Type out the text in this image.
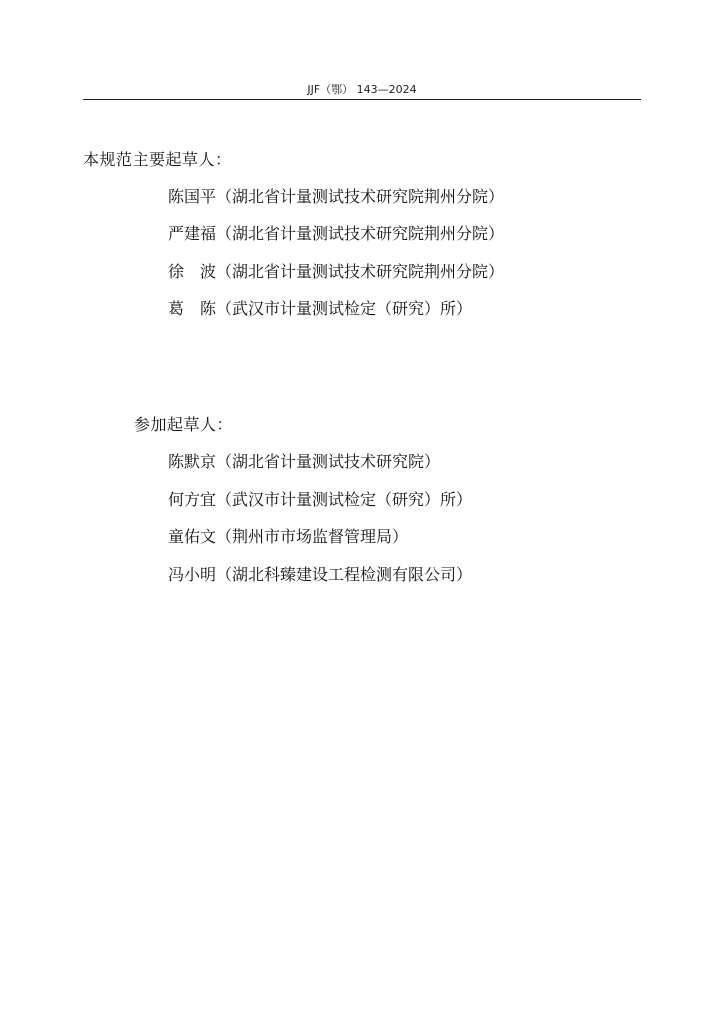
JJF（鄂） 143—2024
本规范主要起草人：
陈国平（湖北省计量测试技术研究院荆州分院）
严建福（湖北省计量测试技术研究院荆州分院）
徐　波（湖北省计量测试技术研究院荆州分院）
葛　陈（武汉市计量测试检定（研究）所）
参加起草人：
陈默京（湖北省计量测试技术研究院）
何方宜（武汉市计量测试检定（研究）所）
童佑文（荆州市市场监督管理局）
冯小明（湖北科臻建设工程检测有限公司）
